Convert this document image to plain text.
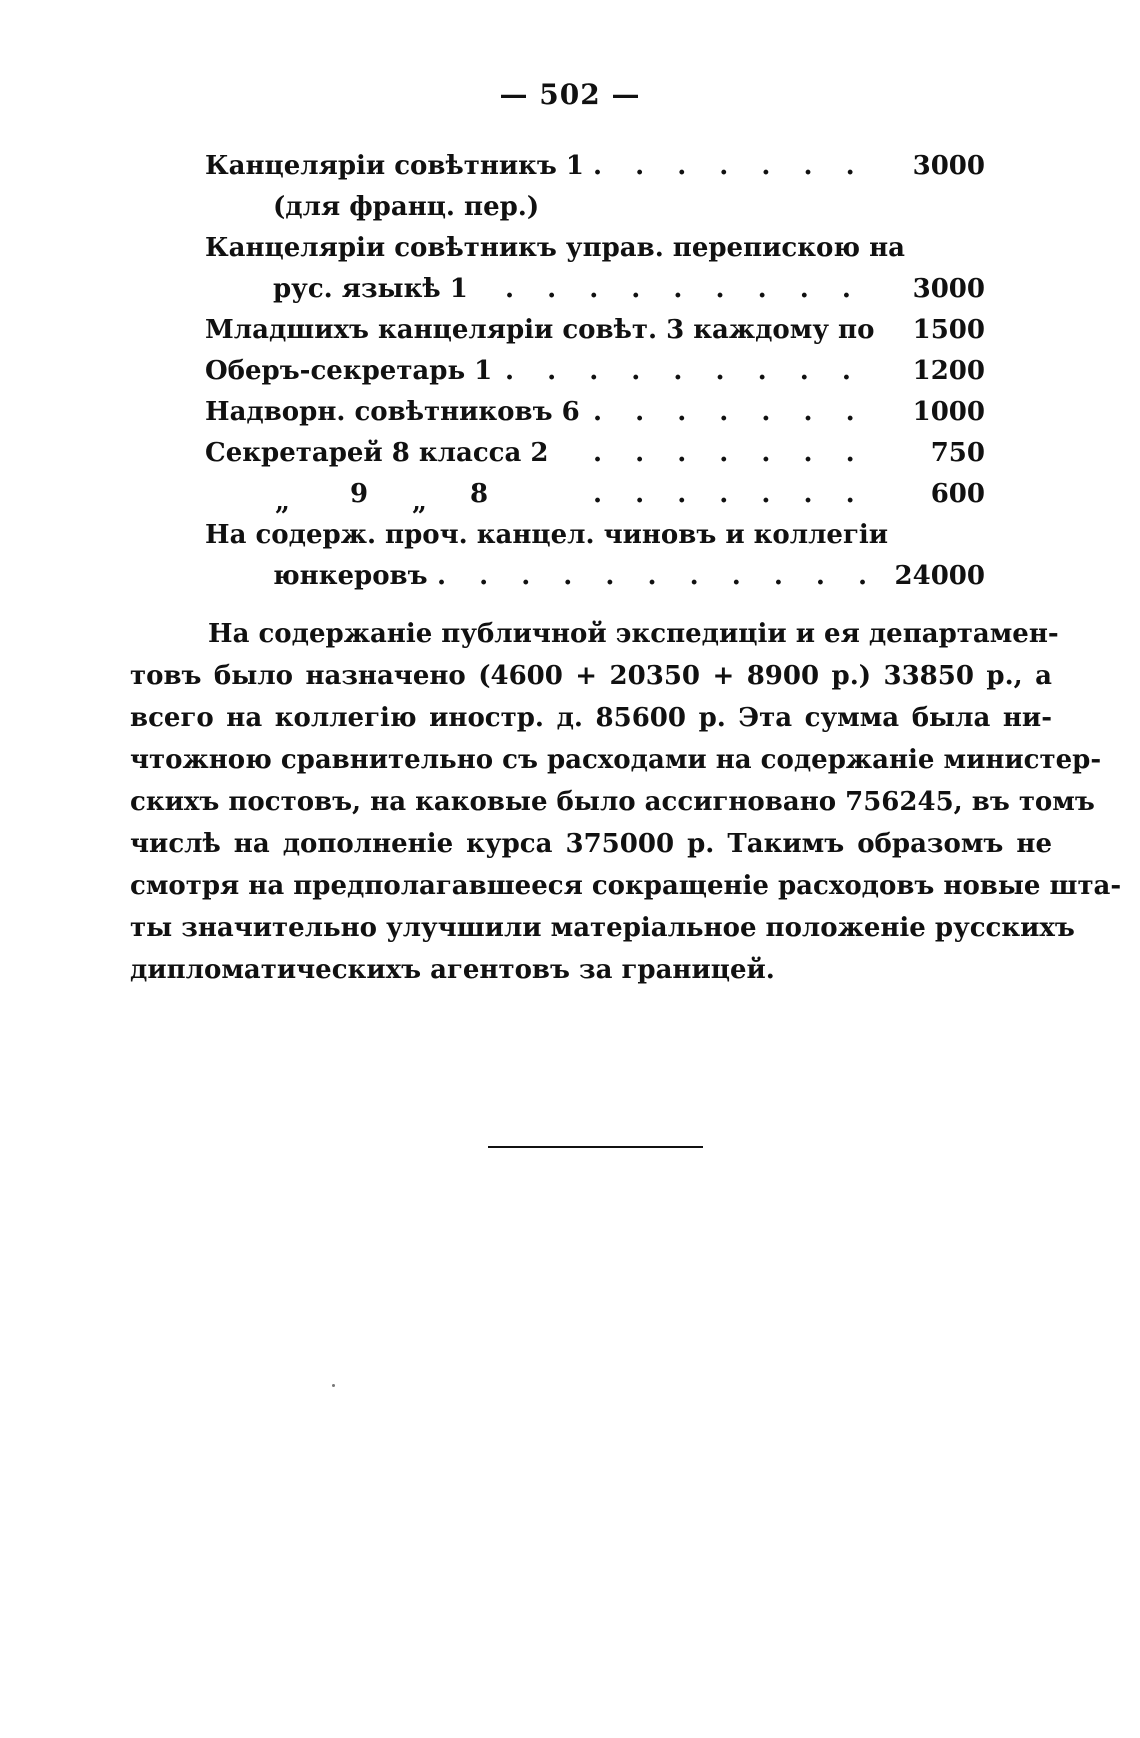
— 502 —
Канцеляріи совѣтникъ 1 . . . . . . . 3000
(для франц. пер.)
Канцеляріи совѣтникъ управ. перепискою на
рус. языкѣ 1 . . . . . . . . . 3000
Младшихъ канцеляріи совѣт. 3 каждому по 1500
Оберъ-секретарь 1 . . . . . . . . . 1200
Надворн. совѣтниковъ 6 . . . . . . . 1000
Секретарей 8 класса 2 . . . . . . . 750
„ 9 „ 8	. . . . . . . 600
На содерж. проч. канцел. чиновъ и коллегіи
юнкеровъ . . . . . . . . . . . 24000
На содержаніе публичной экспедиціи и ея департамен-
товъ было назначено (4600 + 20350 + 8900 р.) 33850 р., а
всего на коллегію иностр. д. 85600 р. Эта сумма была ни-
чтожною сравнительно съ расходами на содержаніе министер-
скихъ постовъ, на каковые было ассигновано 756245, въ томъ
числѣ на дополненіе курса 375000 р. Такимъ образомъ не
смотря на предполагавшееся сокращеніе расходовъ новые шта-
ты значительно улучшили матеріальное положеніе русскихъ
дипломатическихъ агентовъ за границей.
